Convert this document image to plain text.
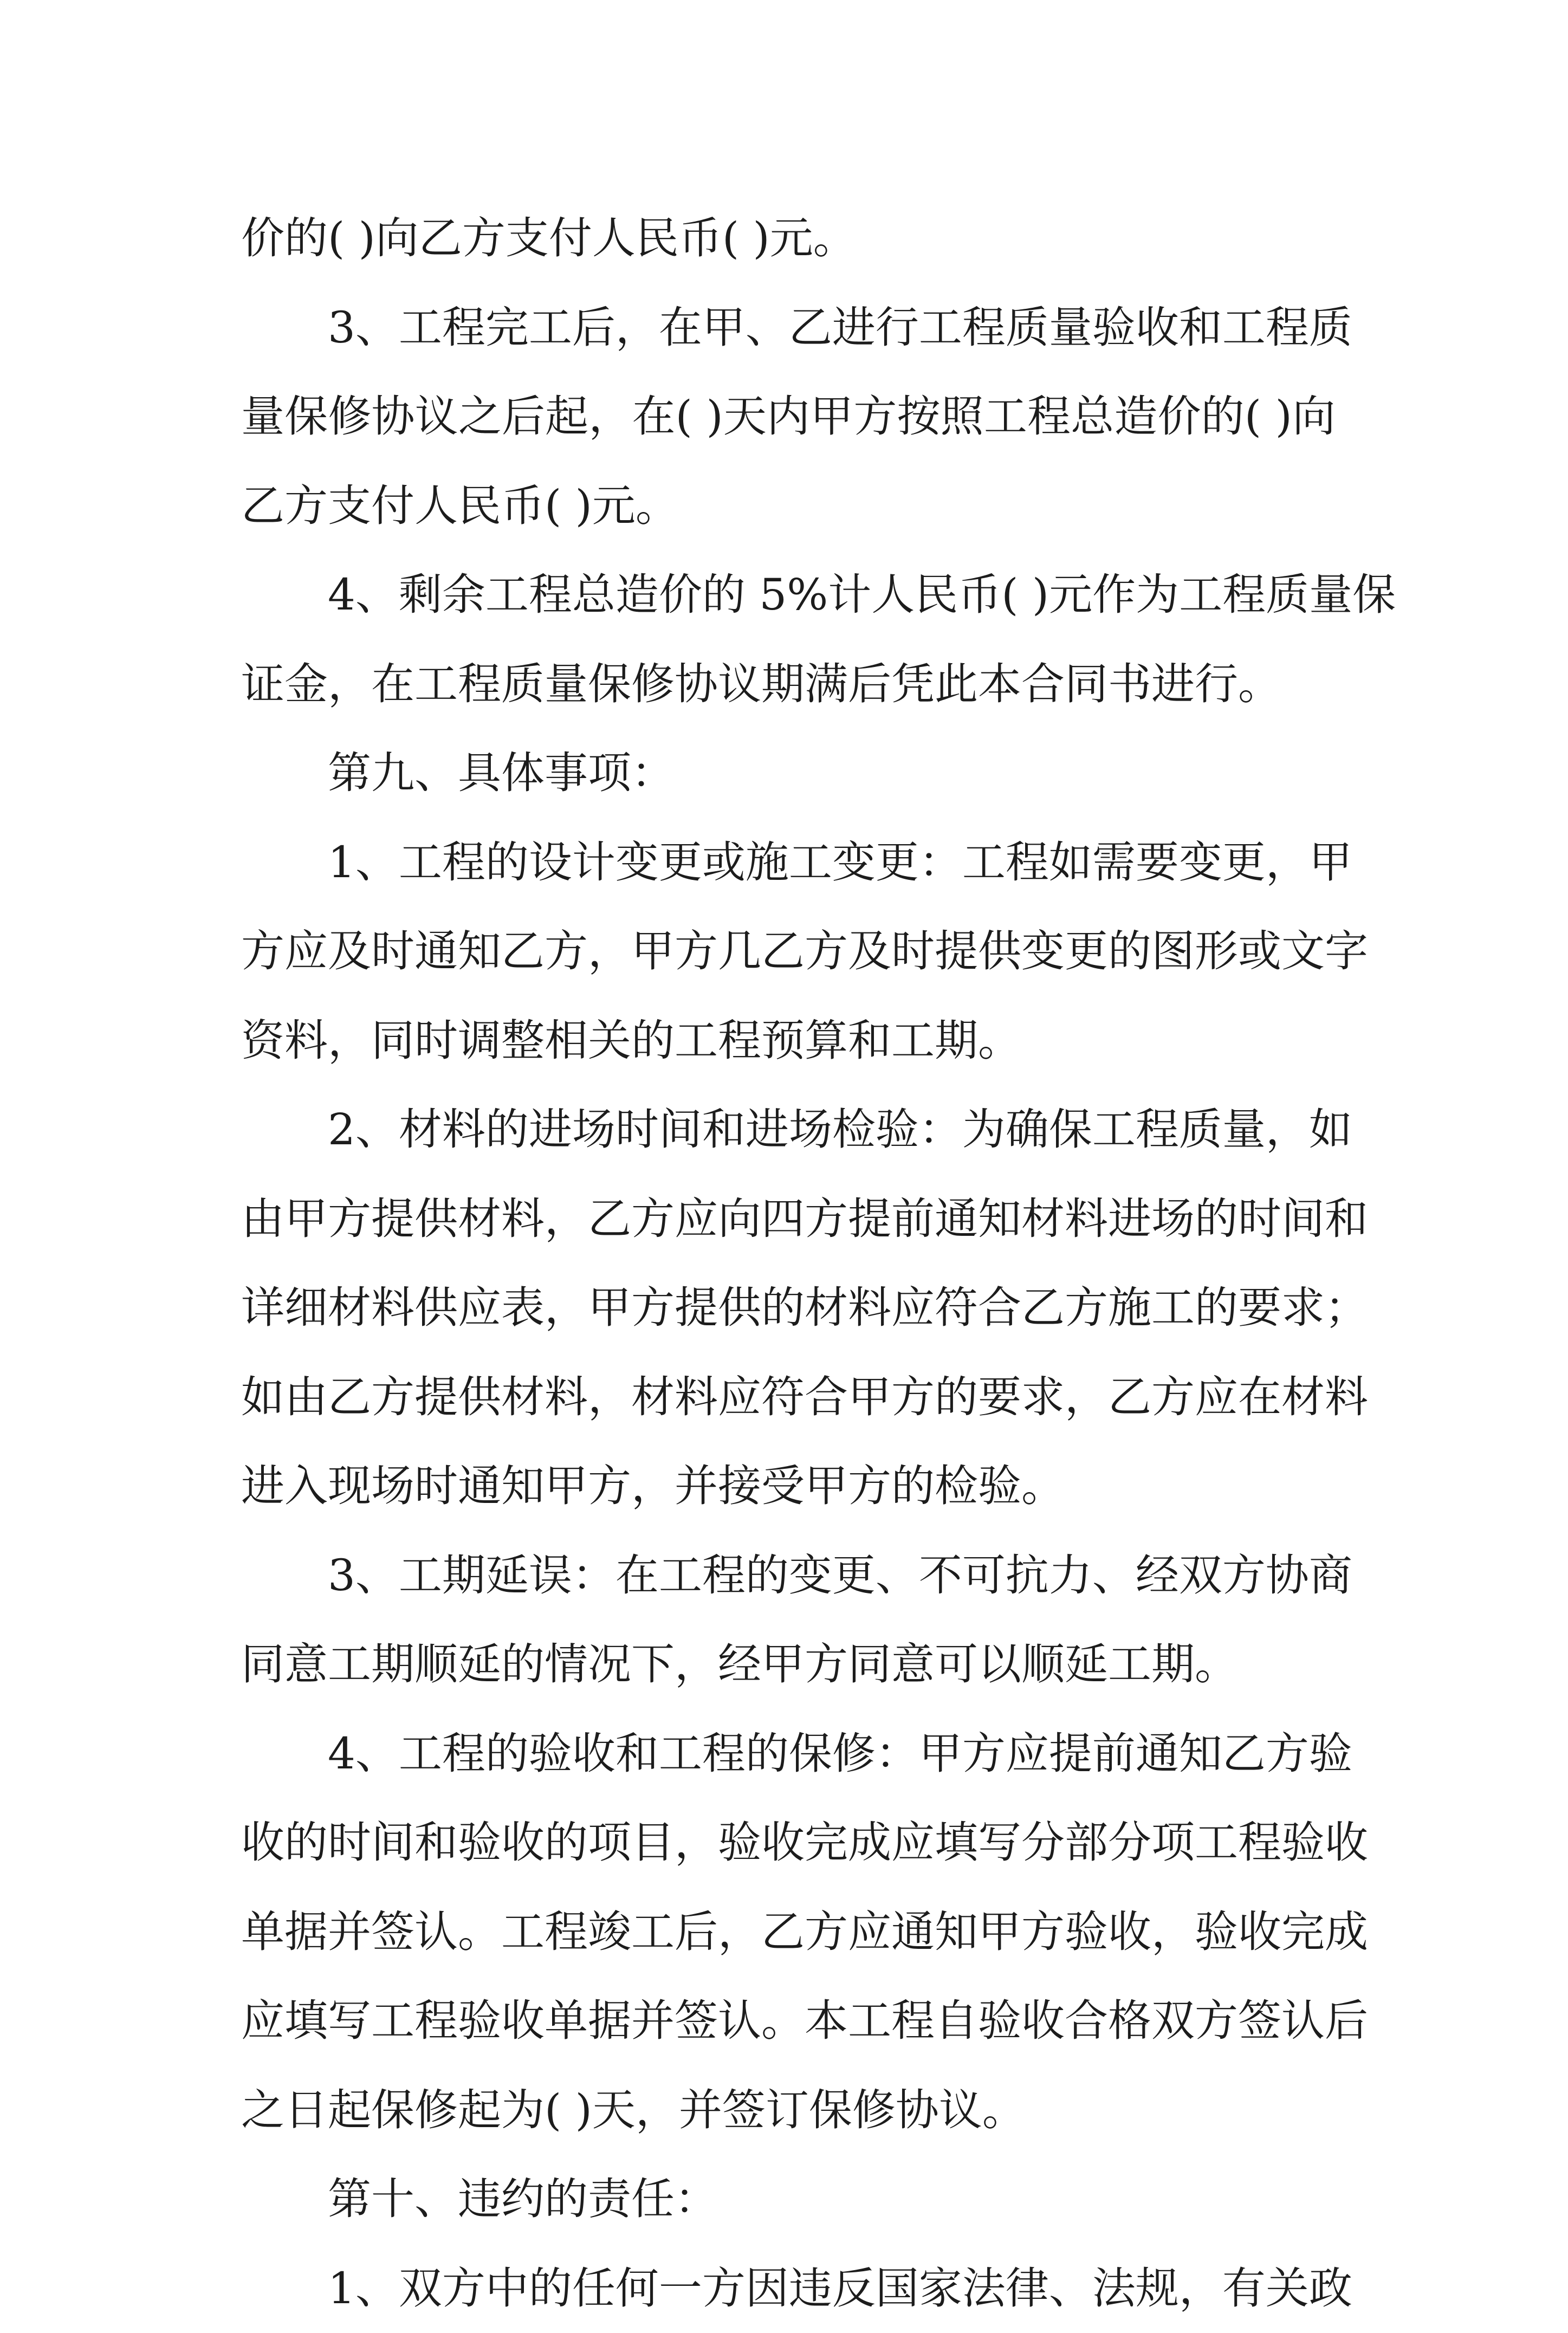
价的( )向乙方支付人民币( )元。
3、工程完工后，在甲、乙进行工程质量验收和工程质
量保修协议之后起，在( )天内甲方按照工程总造价的( )向
乙方支付人民币( )元。
4、剩余工程总造价的 5%计人民币( )元作为工程质量保
证金，在工程质量保修协议期满后凭此本合同书进行。
第九、具体事项：
1、工程的设计变更或施工变更：工程如需要变更，甲
方应及时通知乙方，甲方几乙方及时提供变更的图形或文字
资料，同时调整相关的工程预算和工期。
2、材料的进场时间和进场检验：为确保工程质量，如
由甲方提供材料，乙方应向四方提前通知材料进场的时间和
详细材料供应表，甲方提供的材料应符合乙方施工的要求；
如由乙方提供材料，材料应符合甲方的要求，乙方应在材料
进入现场时通知甲方，并接受甲方的检验。
3、工期延误：在工程的变更、不可抗力、经双方协商
同意工期顺延的情况下，经甲方同意可以顺延工期。
4、工程的验收和工程的保修：甲方应提前通知乙方验
收的时间和验收的项目，验收完成应填写分部分项工程验收
单据并签认。工程竣工后，乙方应通知甲方验收，验收完成
应填写工程验收单据并签认。本工程自验收合格双方签认后
之日起保修起为( )天，并签订保修协议。
第十、违约的责任：
1、双方中的任何一方因违反国家法律、法规，有关政
